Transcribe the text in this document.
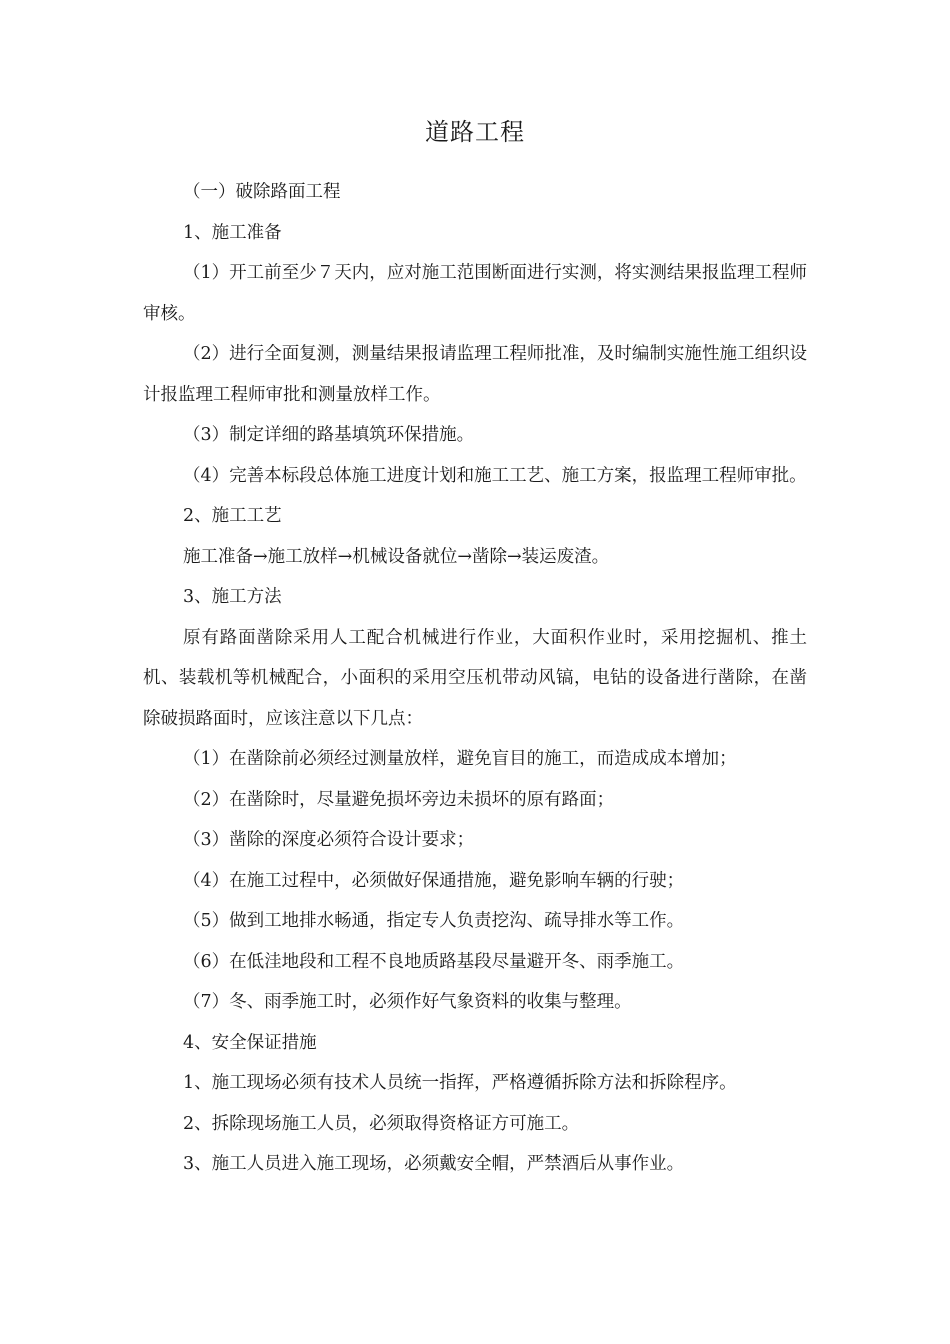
道路工程

（一）破除路面工程

1、施工准备

（1）开工前至少７天内，应对施工范围断面进行实测，将实测结果报监理工程师审核。

（2）进行全面复测，测量结果报请监理工程师批准，及时编制实施性施工组织设计报监理工程师审批和测量放样工作。

（3）制定详细的路基填筑环保措施。

（4）完善本标段总体施工进度计划和施工工艺、施工方案，报监理工程师审批。

2、施工工艺

施工准备→施工放样→机械设备就位→凿除→装运废渣。

3、施工方法

原有路面凿除采用人工配合机械进行作业，大面积作业时，采用挖掘机、推土机、装载机等机械配合，小面积的采用空压机带动风镐，电钻的设备进行凿除，在凿除破损路面时，应该注意以下几点：

（1）在凿除前必须经过测量放样，避免盲目的施工，而造成成本增加；

（2）在凿除时，尽量避免损坏旁边未损坏的原有路面；

（3）凿除的深度必须符合设计要求；

（4）在施工过程中，必须做好保通措施，避免影响车辆的行驶；

（5）做到工地排水畅通，指定专人负责挖沟、疏导排水等工作。

（6）在低洼地段和工程不良地质路基段尽量避开冬、雨季施工。

（7）冬、雨季施工时，必须作好气象资料的收集与整理。

4、安全保证措施

1、施工现场必须有技术人员统一指挥，严格遵循拆除方法和拆除程序。

2、拆除现场施工人员，必须取得资格证方可施工。

3、施工人员进入施工现场，必须戴安全帽，严禁酒后从事作业。
